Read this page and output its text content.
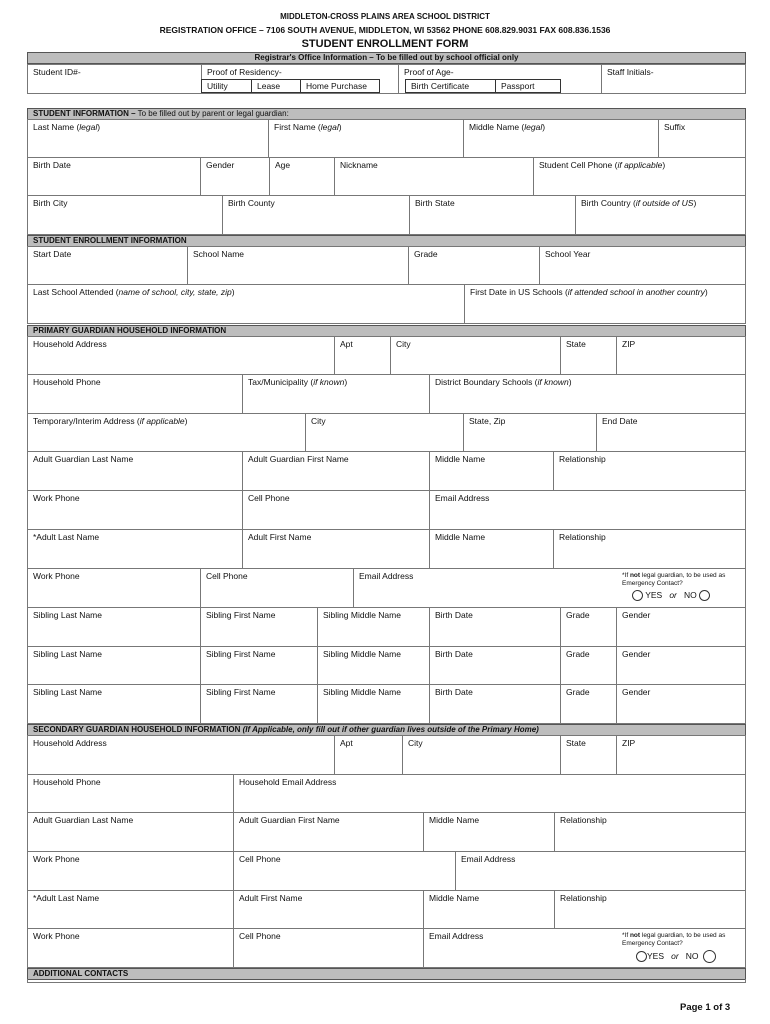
MIDDLETON-CROSS PLAINS AREA SCHOOL DISTRICT
REGISTRATION OFFICE – 7106 SOUTH AVENUE, MIDDLETON, WI 53562 PHONE 608.829.9031 FAX 608.836.1536
STUDENT ENROLLMENT FORM
Registrar's Office Information – To be filled out by school official only
Student ID#-	Proof of Residency-	Proof of Age-	Staff Initials-
Utility	Lease	Home Purchase	Birth Certificate	Passport
STUDENT INFORMATION – To be filled out by parent or legal guardian:
Last Name (legal)	First Name (legal)	Middle Name (legal)	Suffix
Birth Date	Gender	Age	Nickname	Student Cell Phone (if applicable)
Birth City	Birth County	Birth State	Birth Country (if outside of US)
STUDENT ENROLLMENT INFORMATION
Start Date	School Name	Grade	School Year
Last School Attended (name of school, city, state, zip)	First Date in US Schools (if attended school in another country)
PRIMARY GUARDIAN HOUSEHOLD INFORMATION
Household Address	Apt	City	State	ZIP
Household Phone	Tax/Municipality (if known)	District Boundary Schools (if known)
Temporary/Interim Address (if applicable)	City	State, Zip	End Date
Adult Guardian Last Name	Adult Guardian First Name	Middle Name	Relationship
Work Phone	Cell Phone	Email Address
*Adult Last Name	Adult First Name	Middle Name	Relationship
Work Phone	Cell Phone	Email Address	*If not legal guardian, to be used as
Emergency Contact?
YES or NO
Sibling Last Name	Sibling First Name	Sibling Middle Name	Birth Date	Grade	Gender
Sibling Last Name	Sibling First Name	Sibling Middle Name	Birth Date	Grade	Gender
Sibling Last Name	Sibling First Name	Sibling Middle Name	Birth Date	Grade	Gender
SECONDARY GUARDIAN HOUSEHOLD INFORMATION (If Applicable, only fill out if other guardian lives outside of the Primary Home)
Household Address	Apt	City	State	ZIP
Household Phone	Household Email Address
Adult Guardian Last Name	Adult Guardian First Name	Middle Name	Relationship
Work Phone	Cell Phone	Email Address
*Adult Last Name	Adult First Name	Middle Name	Relationship
Work Phone	Cell Phone	Email Address	*If not legal guardian, to be used as
Emergency Contact?
YES or NO
ADDITIONAL CONTACTS
Page 1 of 3
